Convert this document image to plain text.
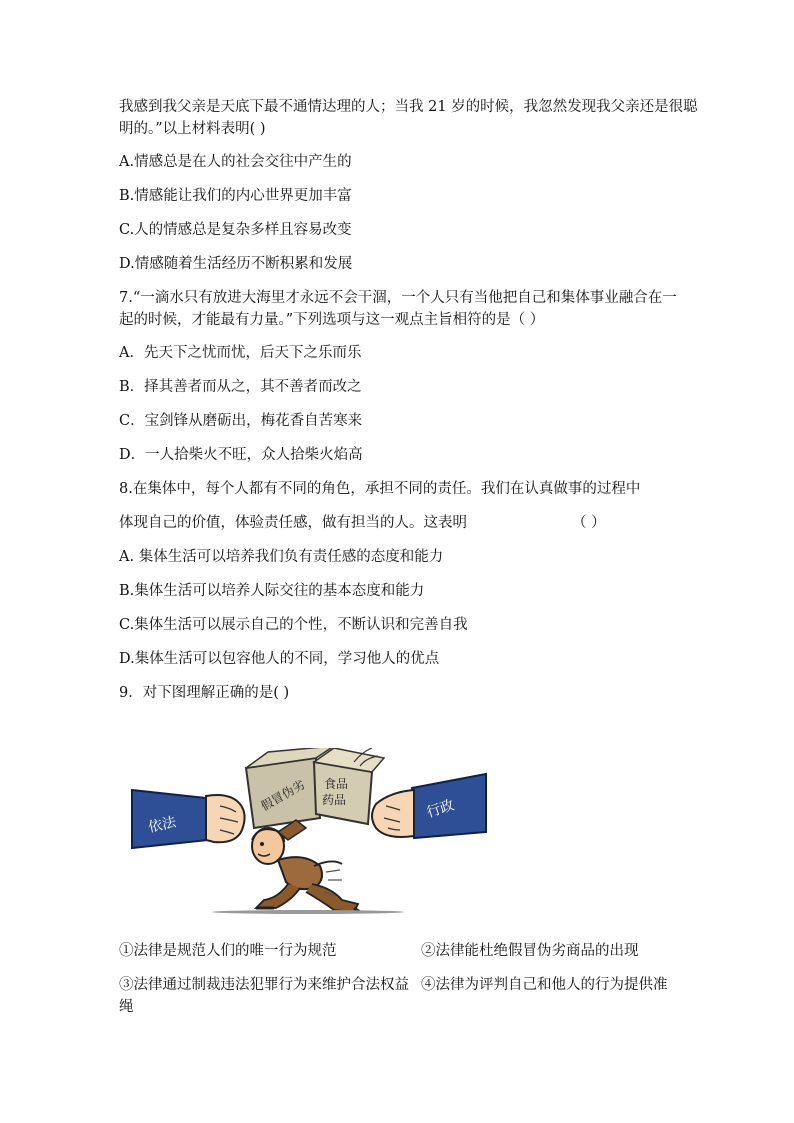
我感到我父亲是天底下最不通情达理的人；当我 21 岁的时候，我忽然发现我父亲还是很聪
明的。”以上材料表明( )
A.情感总是在人的社会交往中产生的
B.情感能让我们的内心世界更加丰富
C.人的情感总是复杂多样且容易改变
D.情感随着生活经历不断积累和发展
7.“一滴水只有放进大海里才永远不会干涸，一个人只有当他把自己和集体事业融合在一
起的时候，才能最有力量。”下列选项与这一观点主旨相符的是（ ）
A．先天下之忧而忧，后天下之乐而乐
B．择其善者而从之，其不善者而改之
C．宝剑锋从磨砺出，梅花香自苦寒来
D．一人拾柴火不旺，众人拾柴火焰高
8.在集体中，每个人都有不同的角色，承担不同的责任。我们在认真做事的过程中
体现自己的价值，体验责任感，做有担当的人。这表明	（ ）
A. 集体生活可以培养我们负有责任感的态度和能力
B.集体生活可以培养人际交往的基本态度和能力
C.集体生活可以展示自己的个性，不断认识和完善自我
D.集体生活可以包容他人的不同，学习他人的优点
9．对下图理解正确的是( )
依法
行政
假冒伪劣 食品
药品
①法律是规范人们的唯一行为规范	②法律能杜绝假冒伪劣商品的出现
③法律通过制裁违法犯罪行为来维护合法权益 ④法律为评判自己和他人的行为提供准
绳
